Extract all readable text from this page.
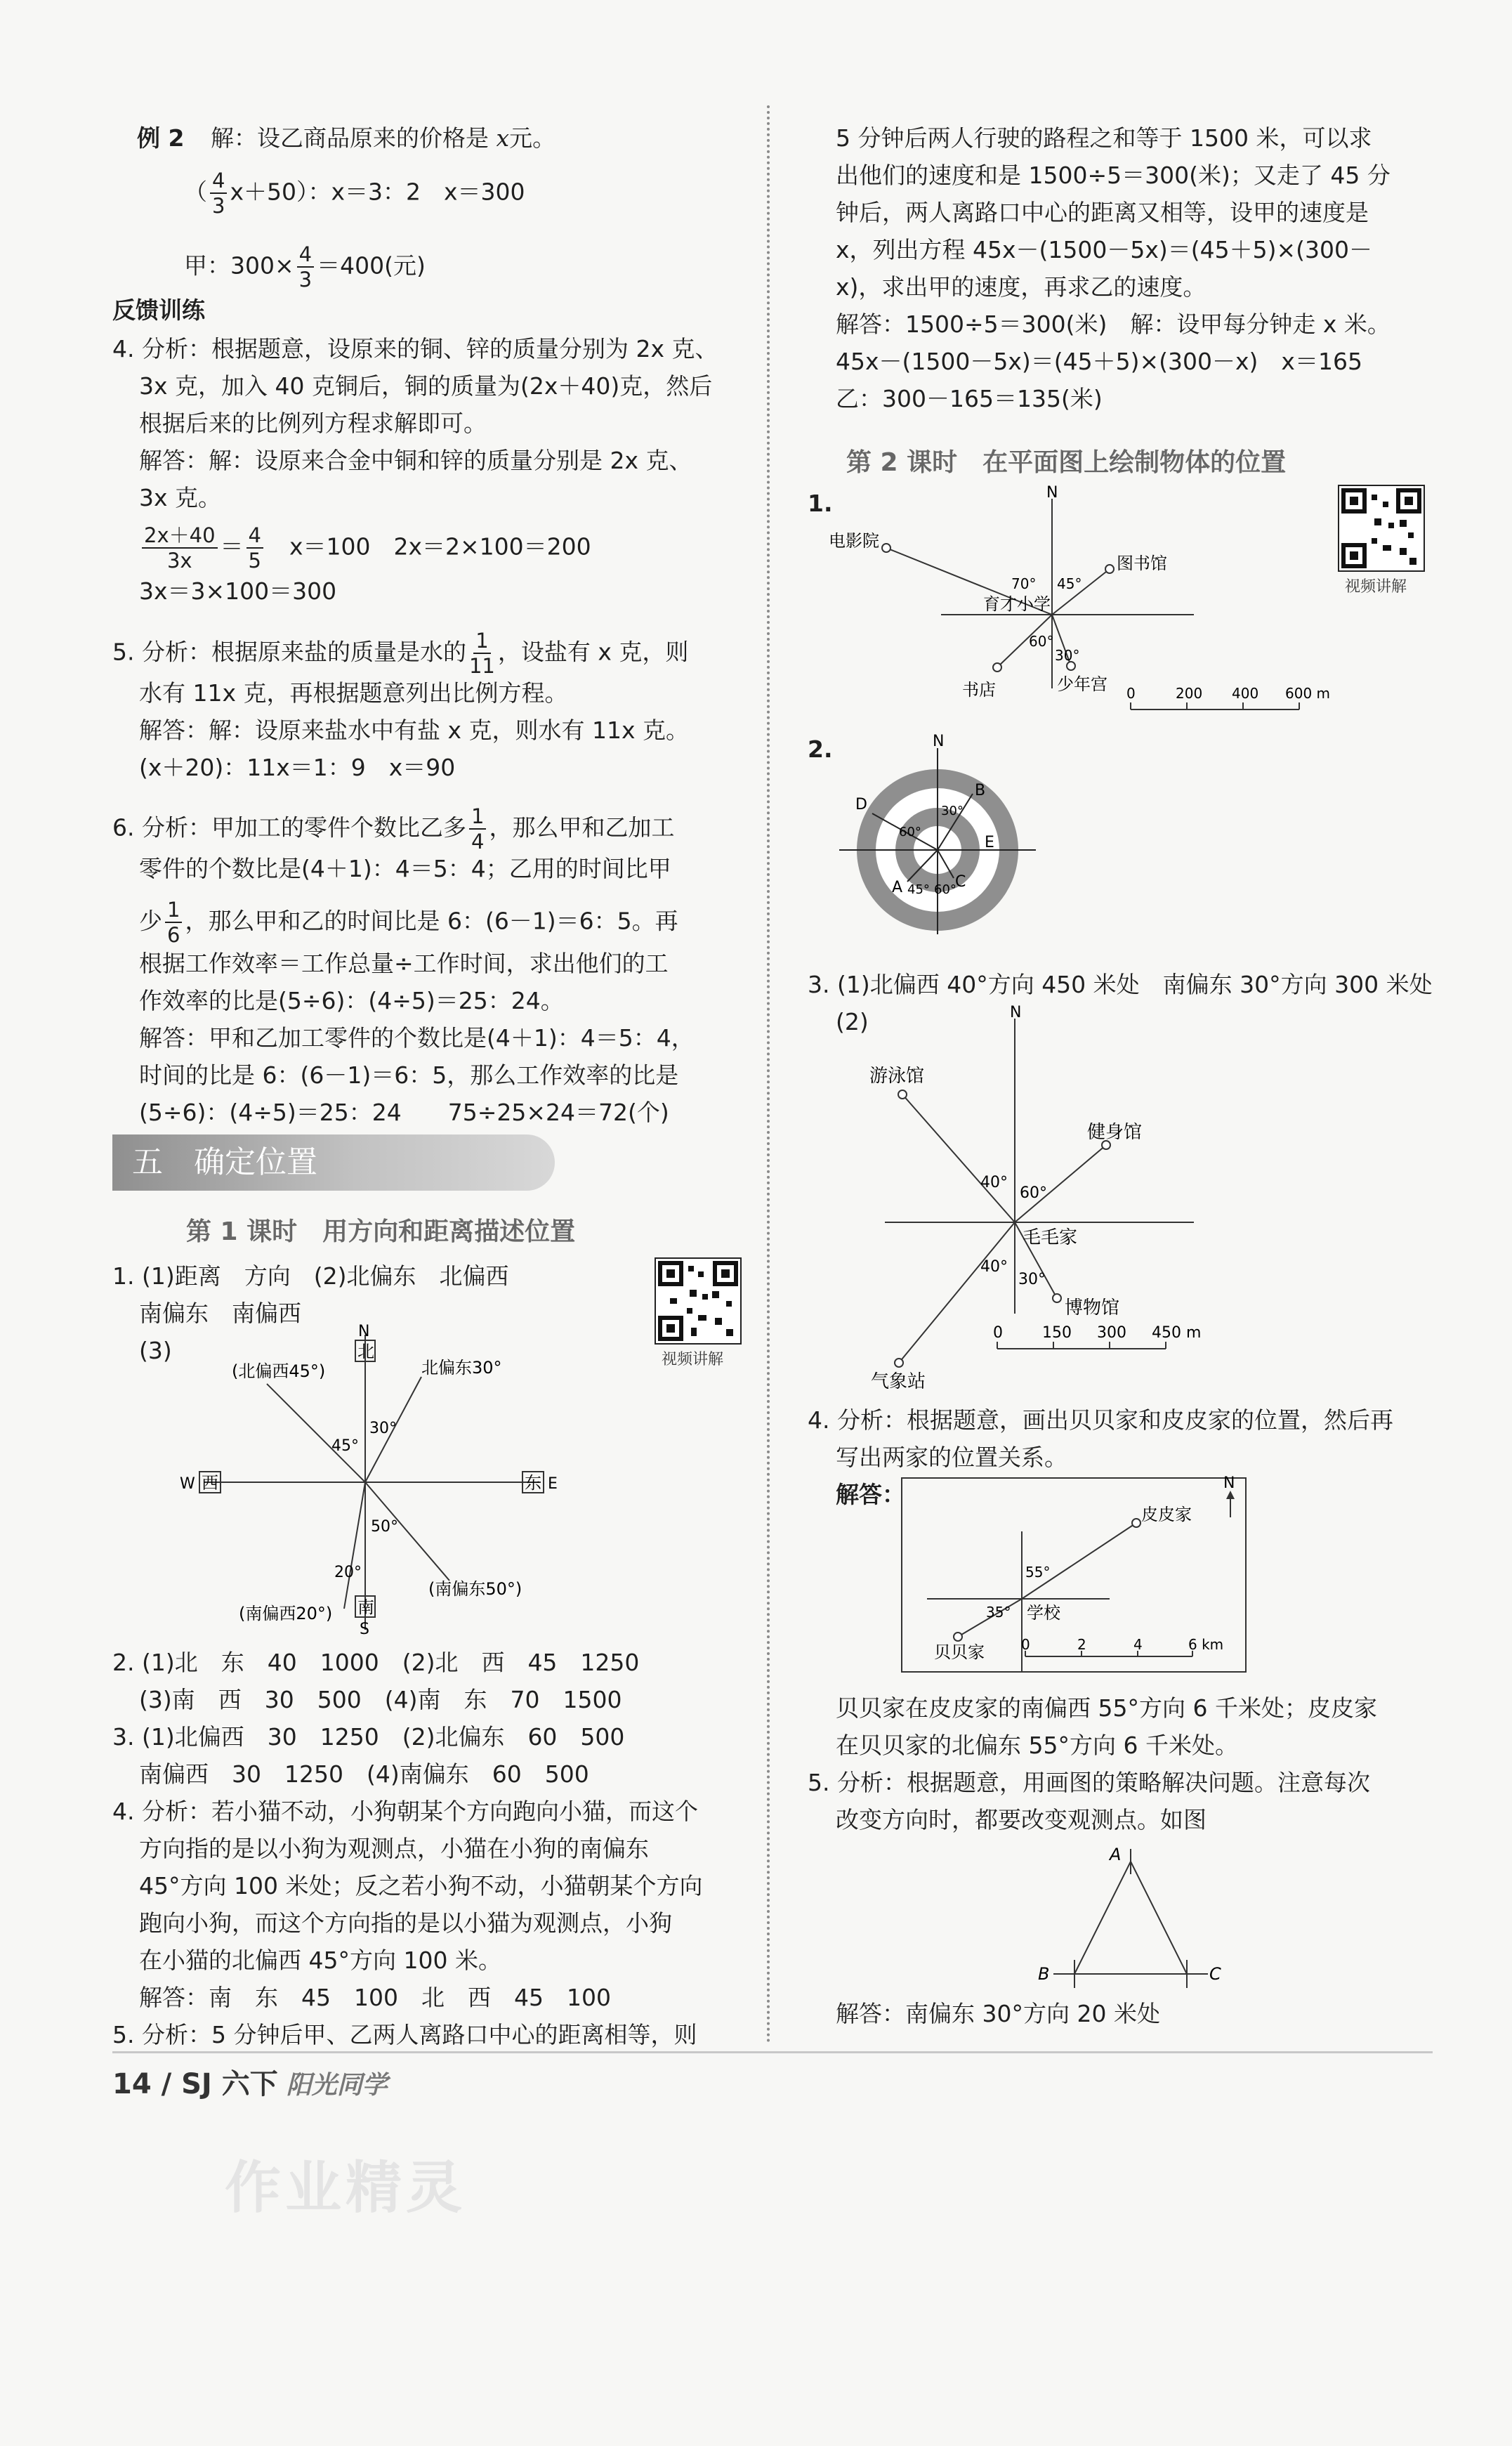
例 2 解：设乙商品原来的价格是 x元。
（ $\frac{4}{3} x+50$）：x＝3：2　x＝300
甲：$300\times \frac{4}{3} =400$(元)
反馈训练
4. 分析：根据题意，设原来的铜、锌的质量分别为 2x 克、
3x 克，加入 40 克铜后，铜的质量为(2x＋40)克，然后
根据后来的比例列方程求解即可。
解答：解：设原来合金中铜和锌的质量分别是 2x 克、
3x 克。
$\frac{2x+40}{3x} = \frac{4}{5}$
　 x＝100　2x＝2×100＝200
3x＝3×100＝300
5. 分析：根据原来盐的质量是水的 $\frac{1}{11}$ ，设盐有 x 克，则
水有 11x 克，再根据题意列出比例方程。
解答：解：设原来盐水中有盐 x 克，则水有 11x 克。
(x＋20)：11x＝1：9　x＝90
6. 分析：甲加工的零件个数比乙多 $\frac{1}{4}$ ，那么甲和乙加工
零件的个数比是(4＋1)：4＝5：4；乙用的时间比甲
少 $\frac{1}{6}$ ，那么甲和乙的时间比是 6：(6－1)＝6：5。再
根据工作效率＝工作总量÷工作时间，求出他们的工
作效率的比是(5÷6)：(4÷5)＝25：24。
解答：甲和乙加工零件的个数比是(4＋1)：4＝5：4，
时间的比是 6：(6－1)＝6：5，那么工作效率的比是
(5÷6)：(4÷5)＝25：24　　75÷25×24＝72(个)
五　确定位置
第 1 课时　用方向和距离描述位置
1. (1)距离　方向　(2)北偏东　北偏西
南偏东　南偏西
(3)	视频讲解
北
N
南
S
西
W	东 E
(北偏西45°)	北偏东30°
(南偏东50°)
(南偏西20°)
45°
30°
50°
20°
2. (1)北　东　40　1000　(2)北　西　45　1250
(3)南　西　30　500　(4)南　东　70　1500
3. (1)北偏西　30　1250　(2)北偏东　60　500
南偏西　30　1250　(4)南偏东　60　500
4. 分析：若小猫不动，小狗朝某个方向跑向小猫，而这个
方向指的是以小狗为观测点，小猫在小狗的南偏东
45°方向 100 米处；反之若小狗不动，小猫朝某个方向
跑向小狗，而这个方向指的是以小猫为观测点，小狗
在小猫的北偏西 45°方向 100 米。
解答：南　东　45　100　北　西　45　100
5. 分析：5 分钟后甲、乙两人离路口中心的距离相等，则
5 分钟后两人行驶的路程之和等于 1500 米，可以求
出他们的速度和是 1500÷5＝300(米)；又走了 45 分
钟后，两人离路口中心的距离又相等，设甲的速度是
x，列出方程 45x－(1500－5x)＝(45＋5)×(300－
x)，求出甲的速度，再求乙的速度。
解答：1500÷5＝300(米)　解：设甲每分钟走 x 米。
45x－(1500－5x)＝(45＋5)×(300－x)　x＝165
乙：300－165＝135(米)
第 2 课时　在平面图上绘制物体的位置
1.	N
电影院
图书馆
育才小学
书店	少年宫
70° 45°
60°
30°
0	200 400 600 m
视频讲解
2.	N
D
B
E
C
A
30°
60°
45° 60°
3. (1)北偏西 40°方向 450 米处　南偏东 30°方向 300 米处
(2)	N
游泳馆
健身馆
毛毛家
博物馆
气象站
40°
60°
40°
30°
0	150 300 450 m
4. 分析：根据题意，画出贝贝家和皮皮家的位置，然后再
写出两家的位置关系。
解答：	N
皮皮家
学校
贝贝家
55°
35°
0	2	4	6 km
贝贝家在皮皮家的南偏西 55°方向 6 千米处；皮皮家
在贝贝家的北偏东 55°方向 6 千米处。
5. 分析：根据题意，用画图的策略解决问题。注意每次
改变方向时，都要改变观测点。如图
A
B	C
解答：南偏东 30°方向 20 米处
14 / SJ 六下 阳光同学
作业精灵
